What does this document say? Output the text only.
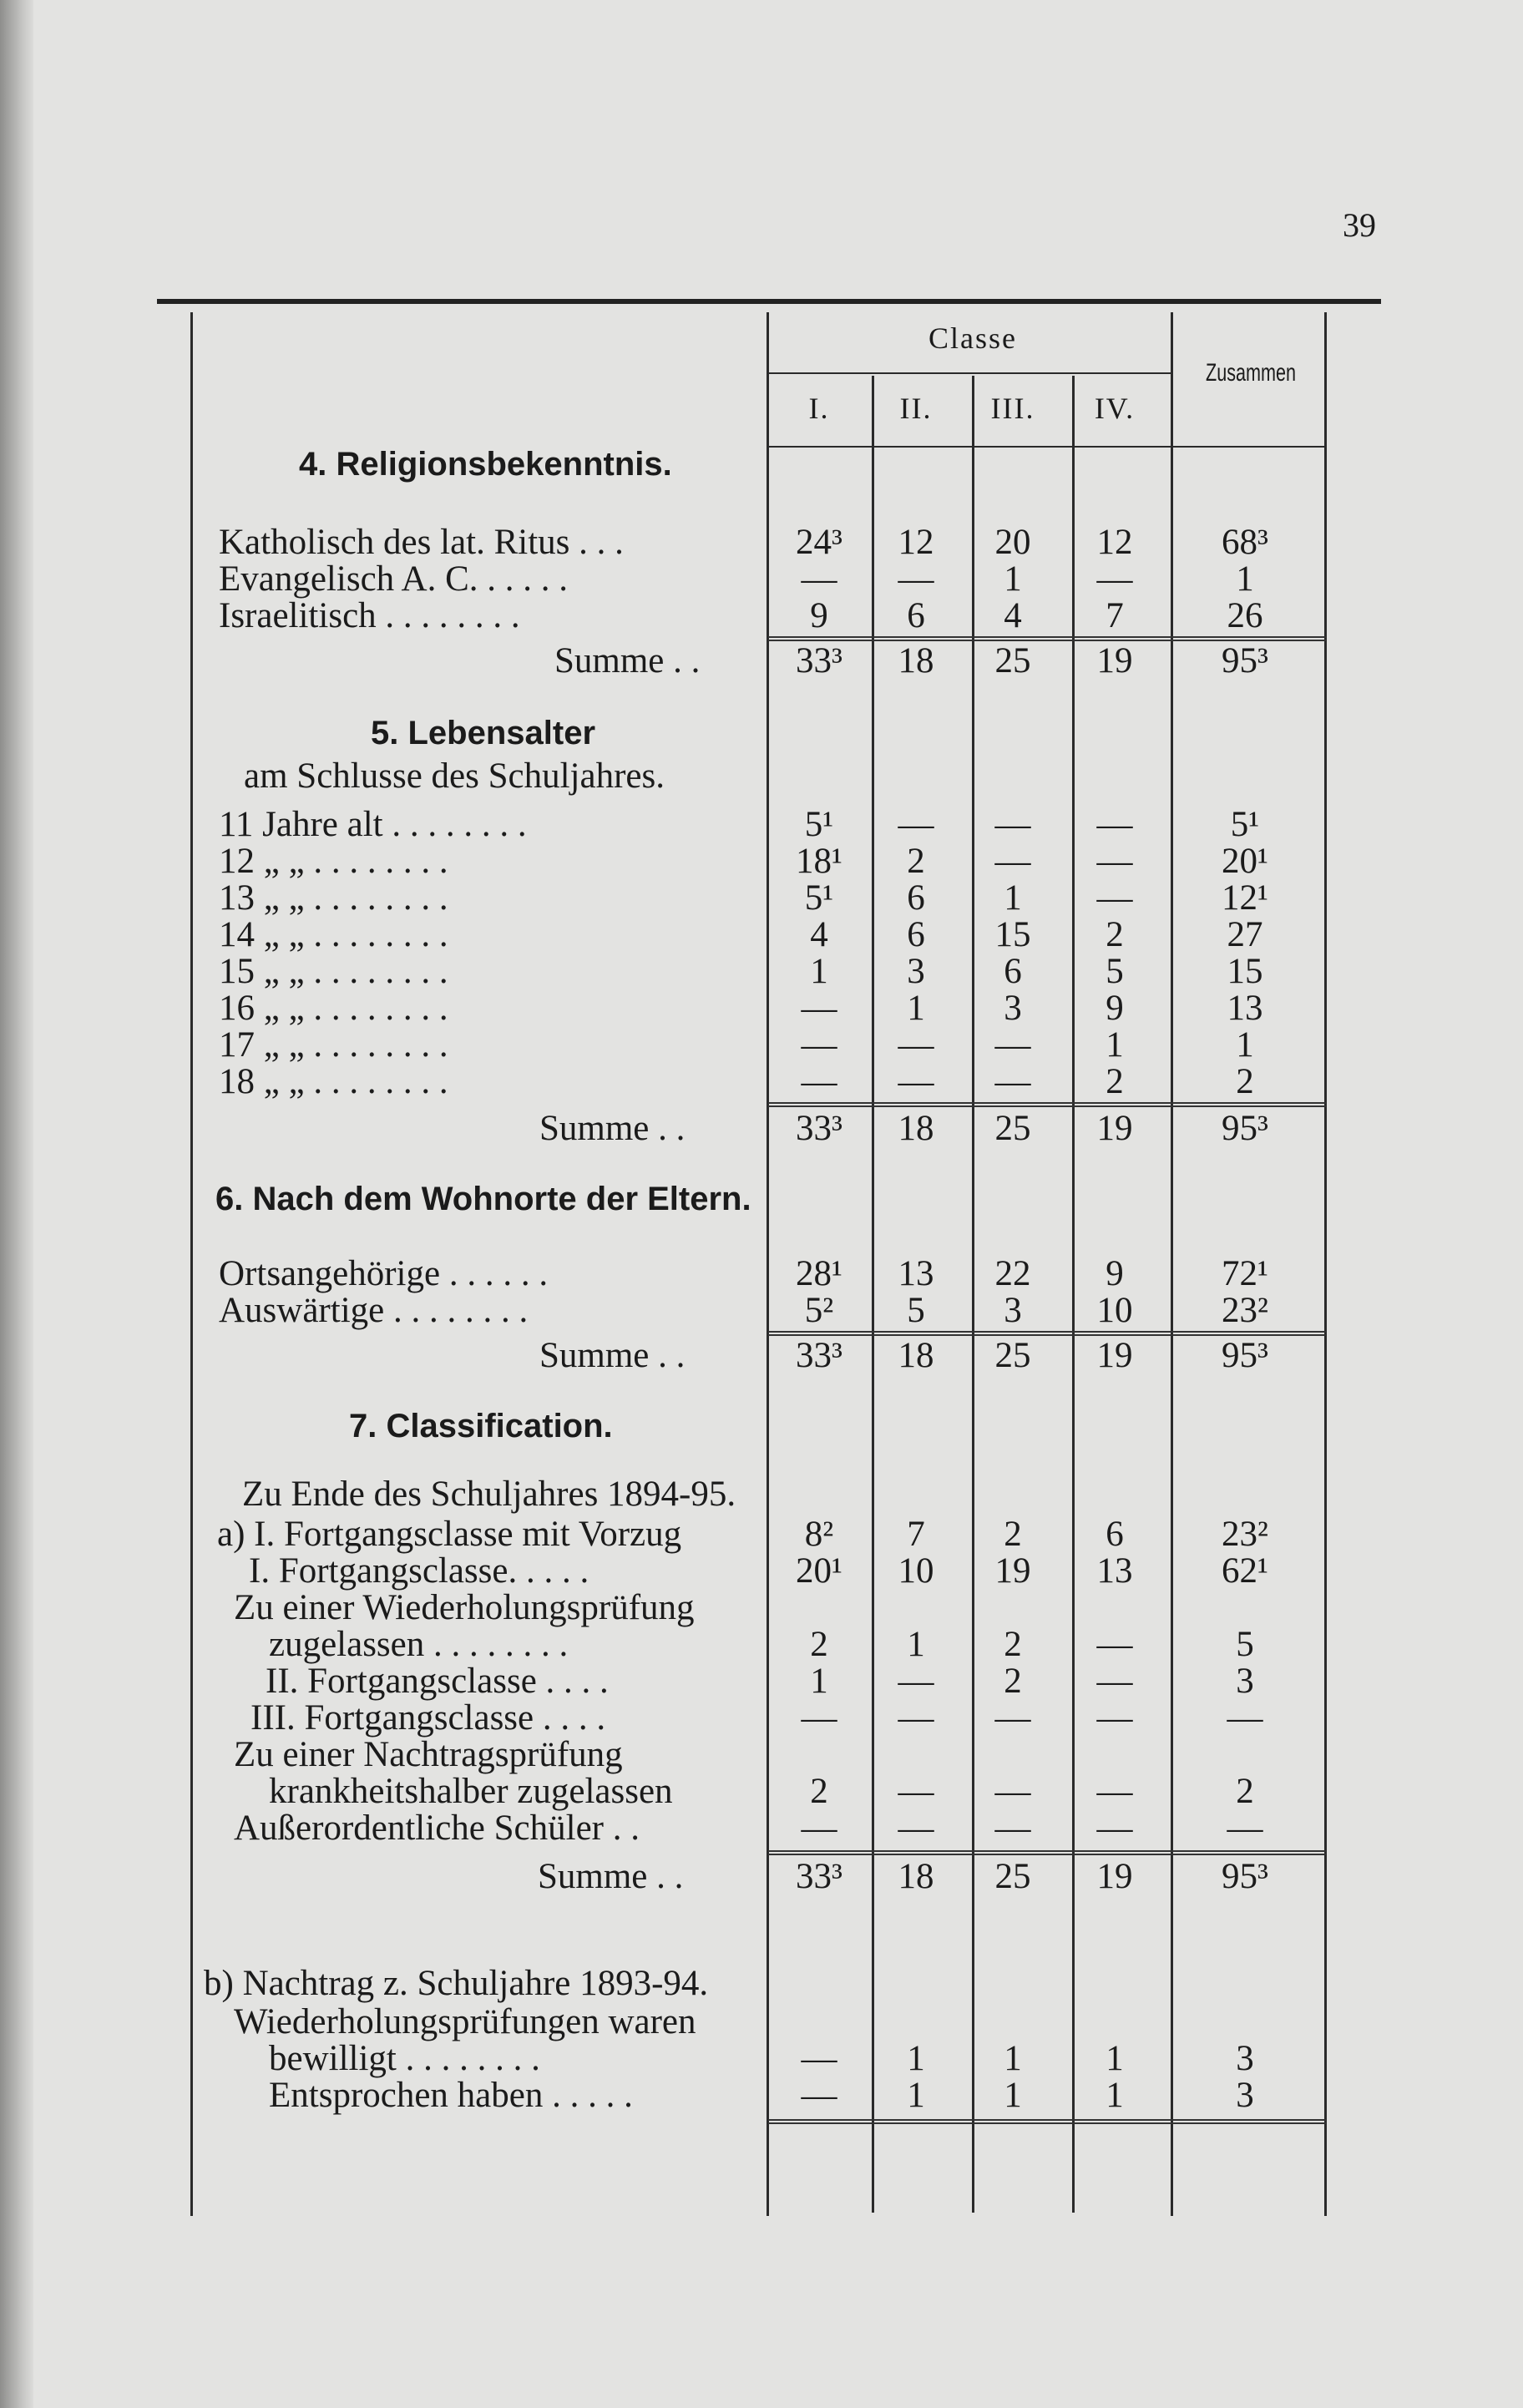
39
Classe
Zusammen
I.	II.	III.	IV.
4. Religionsbekenntnis.
Katholisch des lat. Ritus . . .	24³	12	20	12	68³
Evangelisch A. C. . . . . .	—	—	1	—	1
Israelitisch . . . . . . . .	9	6	4	7	26
Summe . .	33³	18	25	19	95³
5. Lebensalter
am Schlusse des Schuljahres.
11 Jahre alt . . . . . . . .	5¹	—	—	—	5¹
12 „ „ . . . . . . . .	18¹	2	—	—	20¹
13 „ „ . . . . . . . .	5¹	6	1	—	12¹
14 „ „ . . . . . . . .	4	6	15	2	27
15 „ „ . . . . . . . .	1	3	6	5	15
16 „ „ . . . . . . . .	—	1	3	9	13
17 „ „ . . . . . . . .	—	—	—	1	1
18 „ „ . . . . . . . .	—	—	—	2	2
Summe . .	33³	18	25	19	95³
6. Nach dem Wohnorte der Eltern.
Ortsangehörige . . . . . .	28¹	13	22	9	72¹
Auswärtige . . . . . . . .	5²	5	3	10	23²
Summe . .	33³	18	25	19	95³
7. Classification.
Zu Ende des Schuljahres 1894-95.
a) I. Fortgangsclasse mit Vorzug	8²	7	2	6	23²
I. Fortgangsclasse. . . . .	20¹	10	19	13	62¹
Zu einer Wiederholungsprüfung
zugelassen . . . . . . . .	2	1	2	—	5
II. Fortgangsclasse . . . .	1	—	2	—	3
III. Fortgangsclasse . . . .	—	—	—	—	—
Zu einer Nachtragsprüfung
krankheitshalber zugelassen	2	—	—	—	2
Außerordentliche Schüler . .	—	—	—	—	—
Summe . .	33³	18	25	19	95³
b) Nachtrag z. Schuljahre 1893-94.
Wiederholungsprüfungen waren
bewilligt . . . . . . . .	—	1	1	1	3
Entsprochen haben . . . . .	—	1	1	1	3
